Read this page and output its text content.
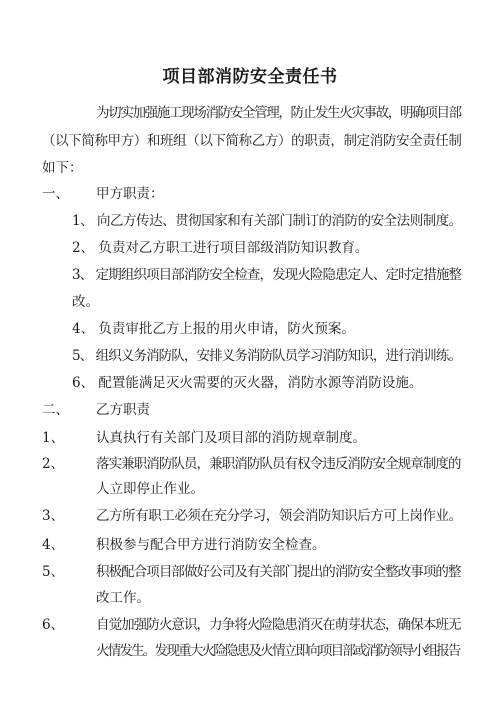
项目部消防安全责任书
为切实加强施工现场消防安全管理，防止发生火灾事故，明确项目部
（以下简称甲方）和班组（以下简称乙方）的职责，制定消防安全责任制
如下：
一、 甲方职责：
1、 向乙方传达、贯彻国家和有关部门制订的消防的安全法则制度。
2、 负责对乙方职工进行项目部级消防知识教育。
3、 定期组织项目部消防安全检查，发现火险隐患定人、定时定措施整
改。
4、 负责审批乙方上报的用火申请，防火预案。
5、 组织义务消防队，安排义务消防队员学习消防知识，进行消训练。
6、 配置能满足灭火需要的灭火器，消防水源等消防设施。
二、 乙方职责
1、 认真执行有关部门及项目部的消防规章制度。
2、 落实兼职消防队员，兼职消防队员有权令违反消防安全规章制度的
人立即停止作业。
3、 乙方所有职工必须在充分学习，领会消防知识后方可上岗作业。
4、 积极参与配合甲方进行消防安全检查。
5、 积极配合项目部做好公司及有关部门提出的消防安全整改事项的整
改工作。
6、 自觉加强防火意识，力争将火险隐患消灭在萌芽状态，确保本班无
火情发生。发现重大火险隐患及火情立即向项目部或消防领导小组报告
